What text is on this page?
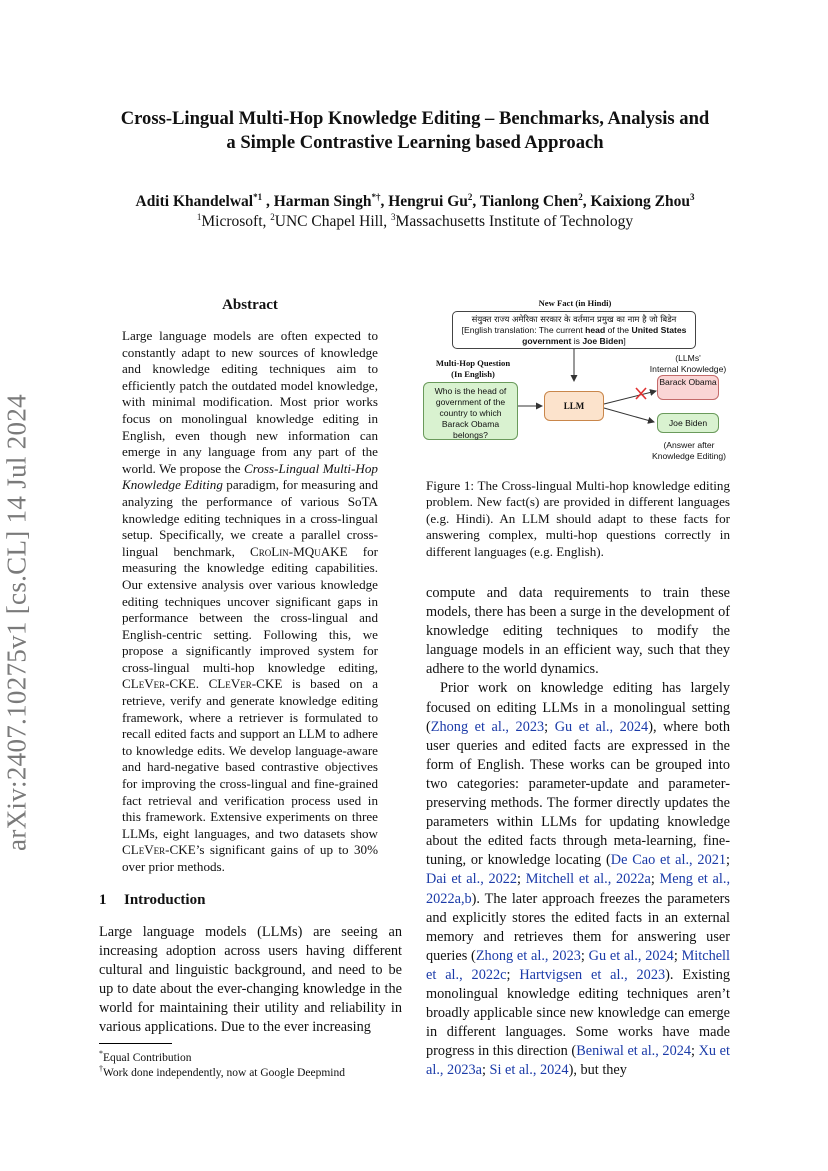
arXiv:2407.10275v1 [cs.CL] 14 Jul 2024
Cross-Lingual Multi-Hop Knowledge Editing – Benchmarks, Analysis and
a Simple Contrastive Learning based Approach
Aditi Khandelwal$^{*1}$ , Harman Singh*†, Hengrui Gu$^2$, Tianlong Chen$^2$, Kaixiong Zhou$^3$
$^1$Microsoft, $^2$UNC Chapel Hill, $^3$Massachusetts Institute of Technology
Abstract

Large language models are often expected to constantly adapt to new sources of knowledge and knowledge editing techniques aim to efficiently patch the outdated model knowledge, with minimal modification. Most prior works focus on monolingual knowledge editing in English, even though new information can emerge in any language from any part of the world. We propose the Cross-Lingual Multi-Hop Knowledge Editing paradigm, for measuring and analyzing the performance of various SoTA knowledge editing techniques in a cross-lingual setup. Specifically, we create a parallel cross-lingual benchmark, CroLin-MQuAKE for measuring the knowledge editing capabilities. Our extensive analysis over various knowledge editing techniques uncover significant gaps in performance between the cross-lingual and English-centric setting. Following this, we propose a significantly improved system for cross-lingual multi-hop knowledge editing, CLeVer-CKE. CLeVer-CKE is based on a retrieve, verify and generate knowledge editing framework, where a retriever is formulated to recall edited facts and support an LLM to adhere to knowledge edits. We develop language-aware and hard-negative based contrastive objectives for improving the cross-lingual and fine-grained fact retrieval and verification process used in this framework. Extensive experiments on three LLMs, eight languages, and two datasets show CLeVer-CKE’s significant gains of up to 30% over prior methods.

1 Introduction

Large language models (LLMs) are seeing an increasing adoption across users having different cultural and linguistic background, and need to be up to date about the ever-changing knowledge in the world for maintaining their utility and reliability in various applications. Due to the ever increasing

*Equal Contribution
†Work done independently, now at Google Deepmind
New Fact (in Hindi)
संयुक्त राज्य अमेरिका सरकार के वर्तमान प्रमुख का नाम है जो बिडेन
[English translation: The current head of the United States government is Joe Biden]
Multi-Hop Question
(In English)
Who is the head of government of the country to which Barack Obama belongs?
LLM
(LLMs'
Internal Knowledge)
Barack Obama
Joe Biden
(Answer after
Knowledge Editing)
Figure 1: The Cross-lingual Multi-hop knowledge editing problem. New fact(s) are provided in different languages (e.g. Hindi). An LLM should adapt to these facts for answering complex, multi-hop questions correctly in different languages (e.g. English).

compute and data requirements to train these models, there has been a surge in the development of knowledge editing techniques to modify the language models in an efficient way, such that they adhere to the world dynamics.

Prior work on knowledge editing has largely focused on editing LLMs in a monolingual setting (Zhong et al., 2023; Gu et al., 2024), where both user queries and edited facts are expressed in the form of English. These works can be grouped into two categories: parameter-update and parameter-preserving methods. The former directly updates the parameters within LLMs for updating knowledge about the edited facts through meta-learning, fine-tuning, or knowledge locating (De Cao et al., 2021; Dai et al., 2022; Mitchell et al., 2022a; Meng et al., 2022a,b). The later approach freezes the parameters and explicitly stores the edited facts in an external memory and retrieves them for answering user queries (Zhong et al., 2023; Gu et al., 2024; Mitchell et al., 2022c; Hartvigsen et al., 2023). Existing monolingual knowledge editing techniques aren’t broadly applicable since new knowledge can emerge in different languages. Some works have made progress in this direction (Beniwal et al., 2024; Xu et al., 2023a; Si et al., 2024), but they
